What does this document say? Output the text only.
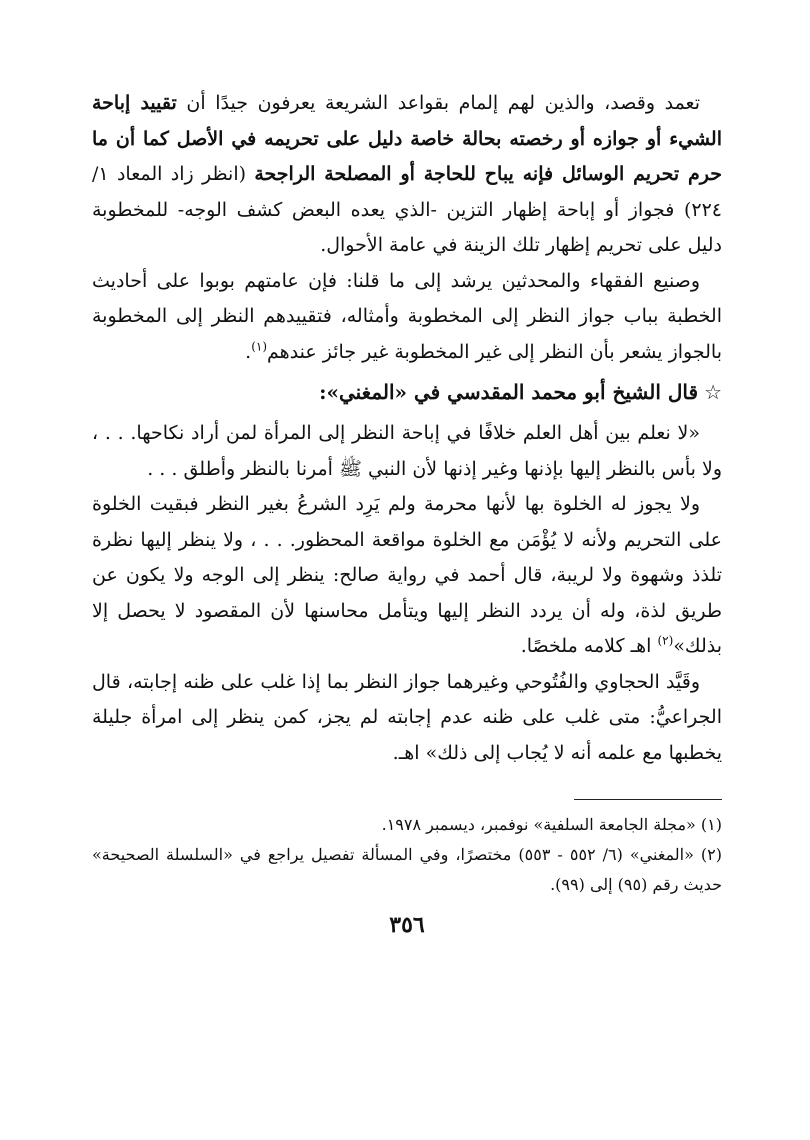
تعمد وقصد، والذين لهم إلمام بقواعد الشريعة يعرفون جيدًا أن تقييد إباحة الشيء أو جوازه أو رخصته بحالة خاصة دليل على تحريمه في الأصل كما أن ما حرم تحريم الوسائل فإنه يباح للحاجة أو المصلحة الراجحة (انظر زاد المعاد ١/ ٢٢٤) فجواز أو إباحة إظهار التزين -الذي يعده البعض كشف الوجه- للمخطوبة دليل على تحريم إظهار تلك الزينة في عامة الأحوال.

وصنيع الفقهاء والمحدثين يرشد إلى ما قلنا: فإن عامتهم بوبوا على أحاديث الخطبة بباب جواز النظر إلى المخطوبة وأمثاله، فتقييدهم النظر إلى المخطوبة بالجواز يشعر بأن النظر إلى غير المخطوبة غير جائز عندهم$^{(١)}$.

☆قال الشيخ أبو محمد المقدسي في «المغني»:

«لا نعلم بين أهل العلم خلافًا في إباحة النظر إلى المرأة لمن أراد نكاحها. . . ، ولا بأس بالنظر إليها بإذنها وغير إذنها لأن النبي ﷺ أمرنا بالنظر وأطلق . . .

ولا يجوز له الخلوة بها لأنها محرمة ولم يَرِد الشرعُ بغير النظر فبقيت الخلوة على التحريم ولأنه لا يُؤْمَن مع الخلوة مواقعة المحظور. . . ، ولا ينظر إليها نظرة تلذذ وشهوة ولا لريبة، قال أحمد في رواية صالح: ينظر إلى الوجه ولا يكون عن طريق لذة، وله أن يردد النظر إليها ويتأمل محاسنها لأن المقصود لا يحصل إلا بذلك»$^{(٢)}$ اهـ كلامه ملخصًا.

وقَيَّد الحجاوي والفُتُوحي وغيرهما جواز النظر بما إذا غلب على ظنه إجابته، قال الجراعيُّ: متى غلب على ظنه عدم إجابته لم يجز، كمن ينظر إلى امرأة جليلة يخطبها مع علمه أنه لا يُجاب إلى ذلك» اهـ.

(١) «مجلة الجامعة السلفية» نوفمبر، ديسمبر ١٩٧٨.

(٢) «المغني» (٦/ ٥٥٢ - ٥٥٣) مختصرًا، وفي المسألة تفصيل يراجع في «السلسلة الصحيحة» حديث رقم (٩٥) إلى (٩٩).

٣٥٦
